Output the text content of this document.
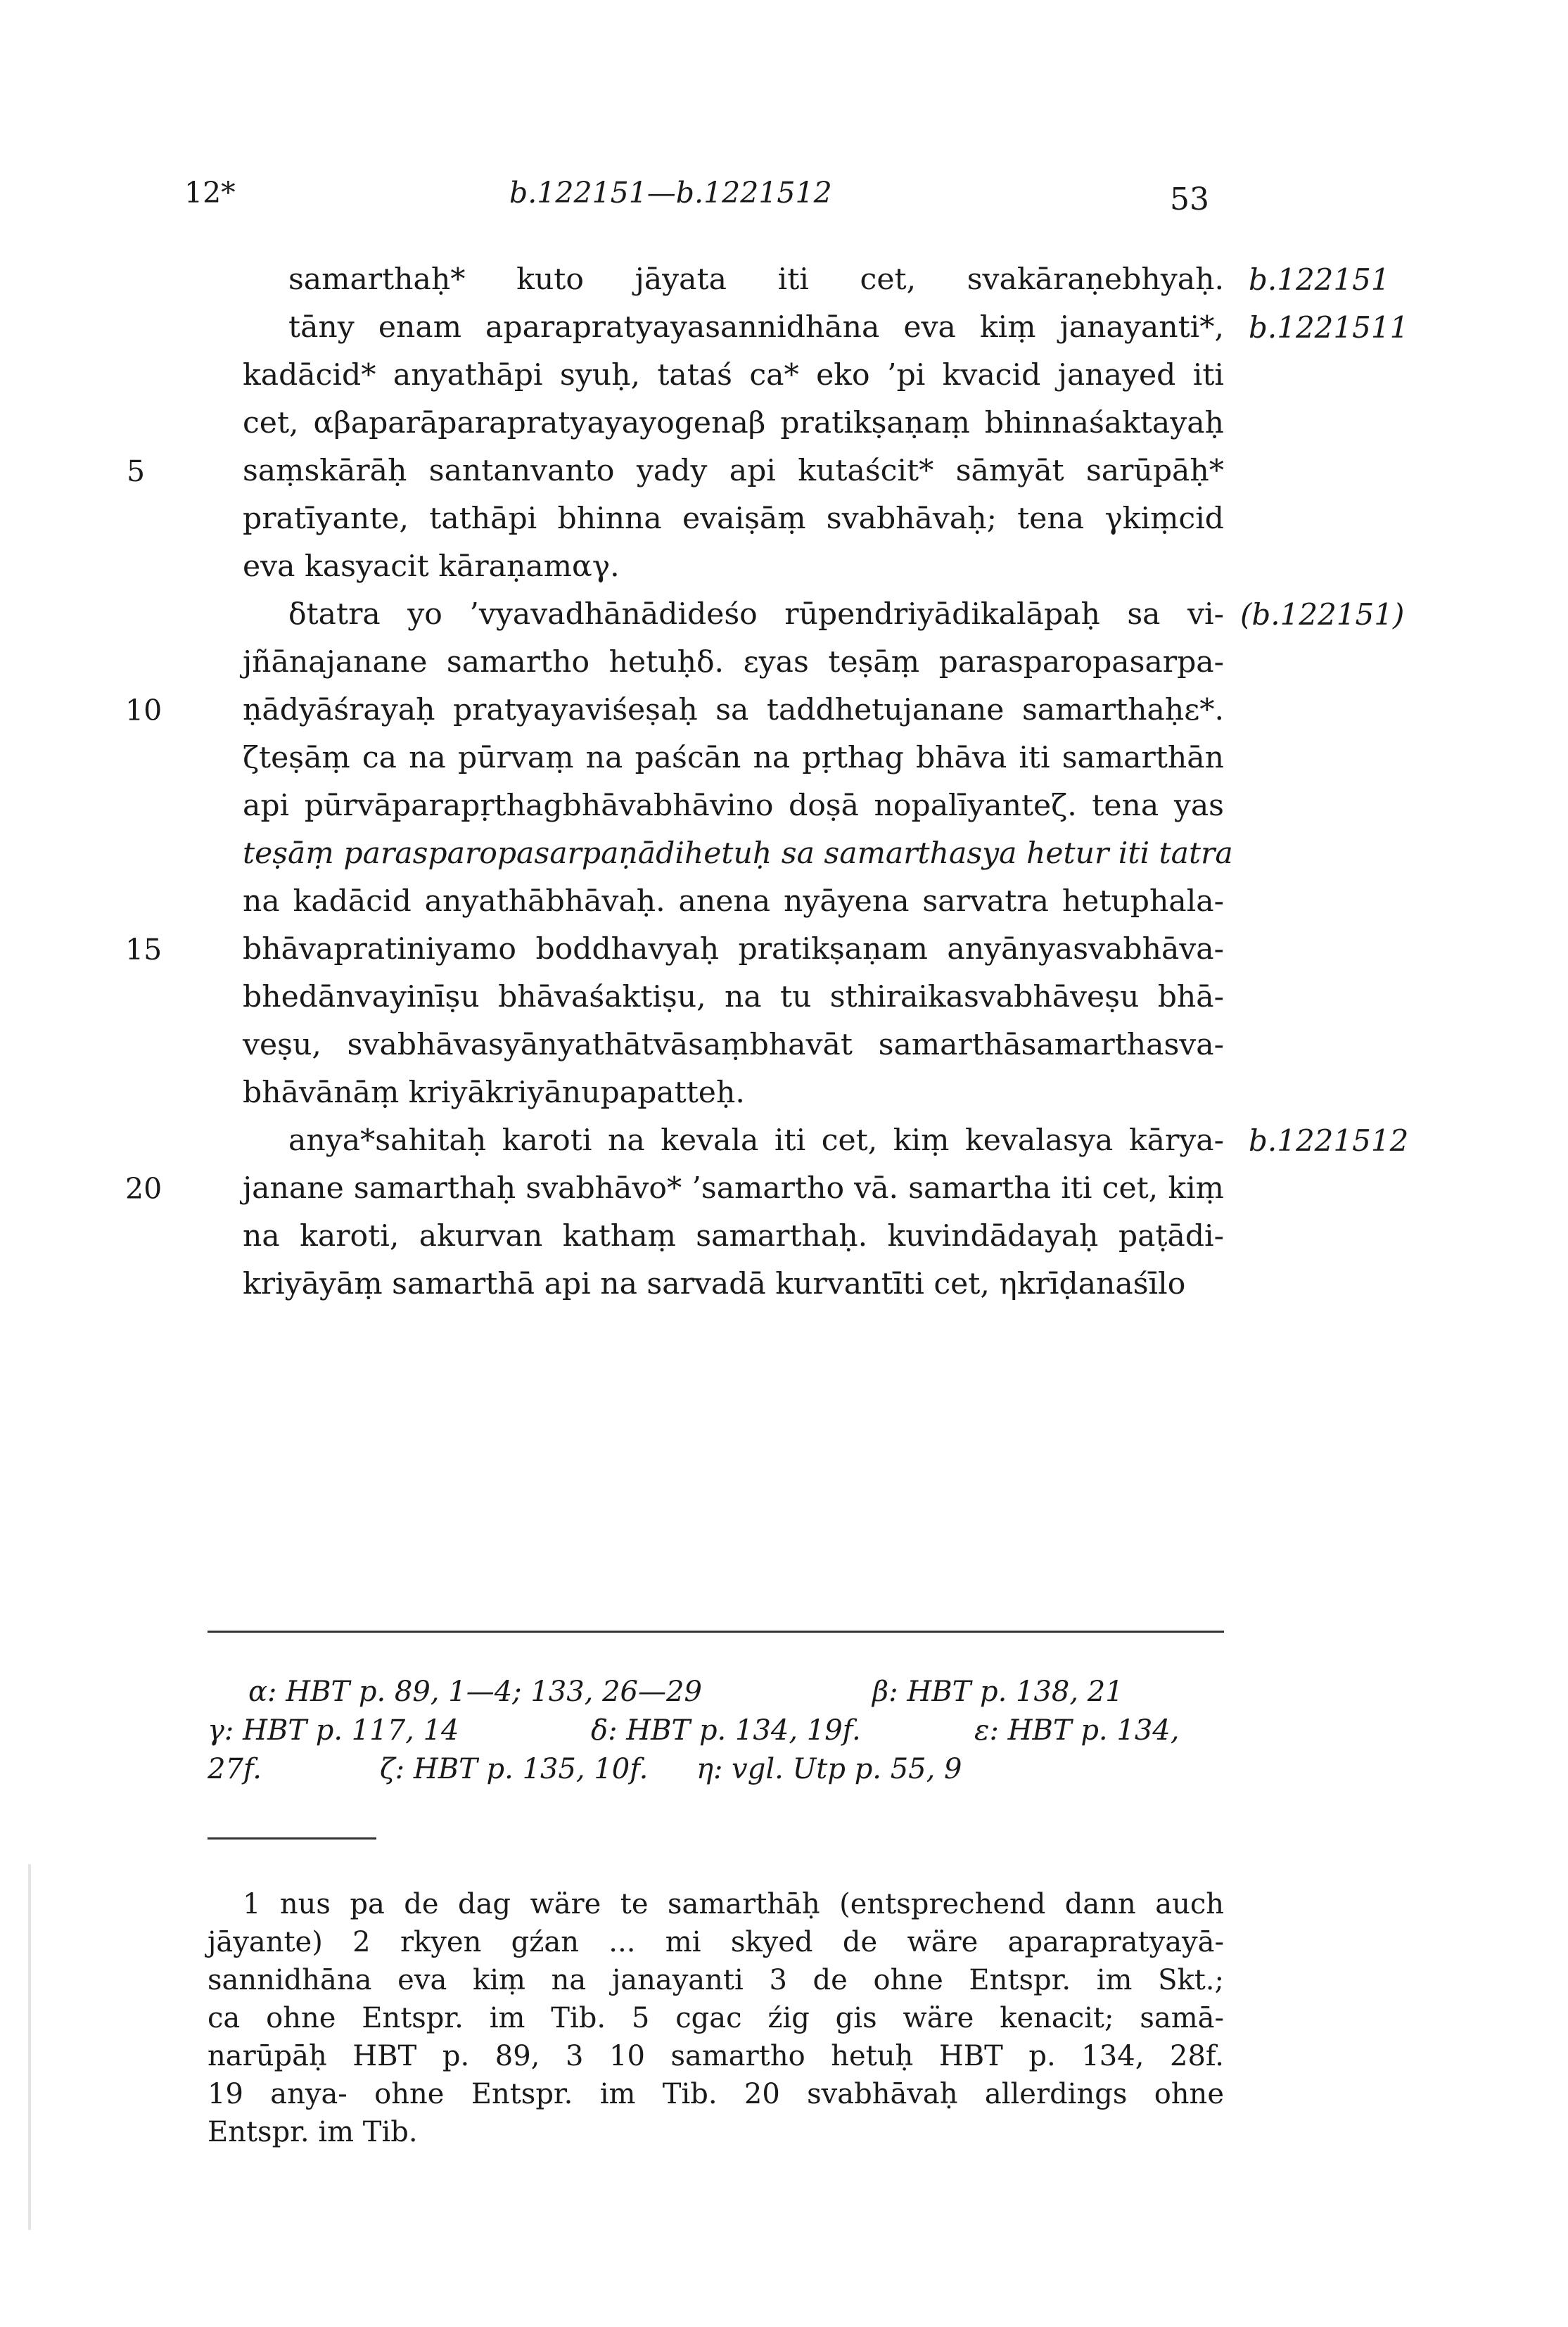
12*	b.122151—b.1221512	53
samarthaḥ* kuto jāyata iti cet, svakāraṇebhyaḥ.
tāny enam aparapratyayasannidhāna eva kiṃ janayanti*,
kadācid* anyathāpi syuḥ, tataś ca* eko ’pi kvacid janayed iti
cet, αβaparāparapratyayayogenaβ pratikṣaṇaṃ bhinnaśaktayaḥ
saṃskārāḥ santanvanto yady api kutaścit* sāmyāt sarūpāḥ*
pratīyante, tathāpi bhinna evaiṣāṃ svabhāvaḥ; tena γkiṃcid
eva kasyacit kāraṇamαγ.
δtatra yo ’vyavadhānādideśo rūpendriyādikalāpaḥ sa vi-
jñānajanane samartho hetuḥδ. εyas teṣāṃ parasparopasarpa-
ṇādyāśrayaḥ pratyayaviśeṣaḥ sa taddhetujanane samarthaḥε*.
ζteṣāṃ ca na pūrvaṃ na paścān na pṛthag bhāva iti samarthān
api pūrvāparapṛthagbhāvabhāvino doṣā nopalīyanteζ. tena yas
teṣāṃ parasparopasarpaṇādihetuḥ sa samarthasya hetur iti tatra
na kadācid anyathābhāvaḥ. anena nyāyena sarvatra hetuphala-
bhāvapratiniyamo boddhavyaḥ pratikṣaṇam anyānyasvabhāva-
bhedānvayinīṣu bhāvaśaktiṣu, na tu sthiraikasvabhāveṣu bhā-
veṣu, svabhāvasyānyathātvāsaṃbhavāt samarthāsamarthasva-
bhāvānāṃ kriyākriyānupapatteḥ.
anya*sahitaḥ karoti na kevala iti cet, kiṃ kevalasya kārya-
janane samarthaḥ svabhāvo* ’samartho vā. samartha iti cet, kiṃ
na karoti, akurvan kathaṃ samarthaḥ. kuvindādayaḥ paṭādi-
kriyāyāṃ samarthā api na sarvadā kurvantīti cet, ηkrīḍanaśīlo
5
10
15
20
b.122151
b.1221511
(b.122151)
b.1221512
α: HBT p. 89, 1—4; 133, 26—29	β: HBT p. 138, 21
γ: HBT p. 117, 14	δ: HBT p. 134, 19f.	ε: HBT p. 134,
27f.	ζ: HBT p. 135, 10f. η: vgl. Utp p. 55, 9
1 nus pa de dag wäre te samarthāḥ (entsprechend dann auch
jāyante) 2 rkyen gźan ... mi skyed de wäre aparapratyayā-
sannidhāna eva kiṃ na janayanti 3 de ohne Entspr. im Skt.;
ca ohne Entspr. im Tib. 5 cgac źig gis wäre kenacit; samā-
narūpāḥ HBT p. 89, 3 10 samartho hetuḥ HBT p. 134, 28f.
19 anya- ohne Entspr. im Tib. 20 svabhāvaḥ allerdings ohne
Entspr. im Tib.
